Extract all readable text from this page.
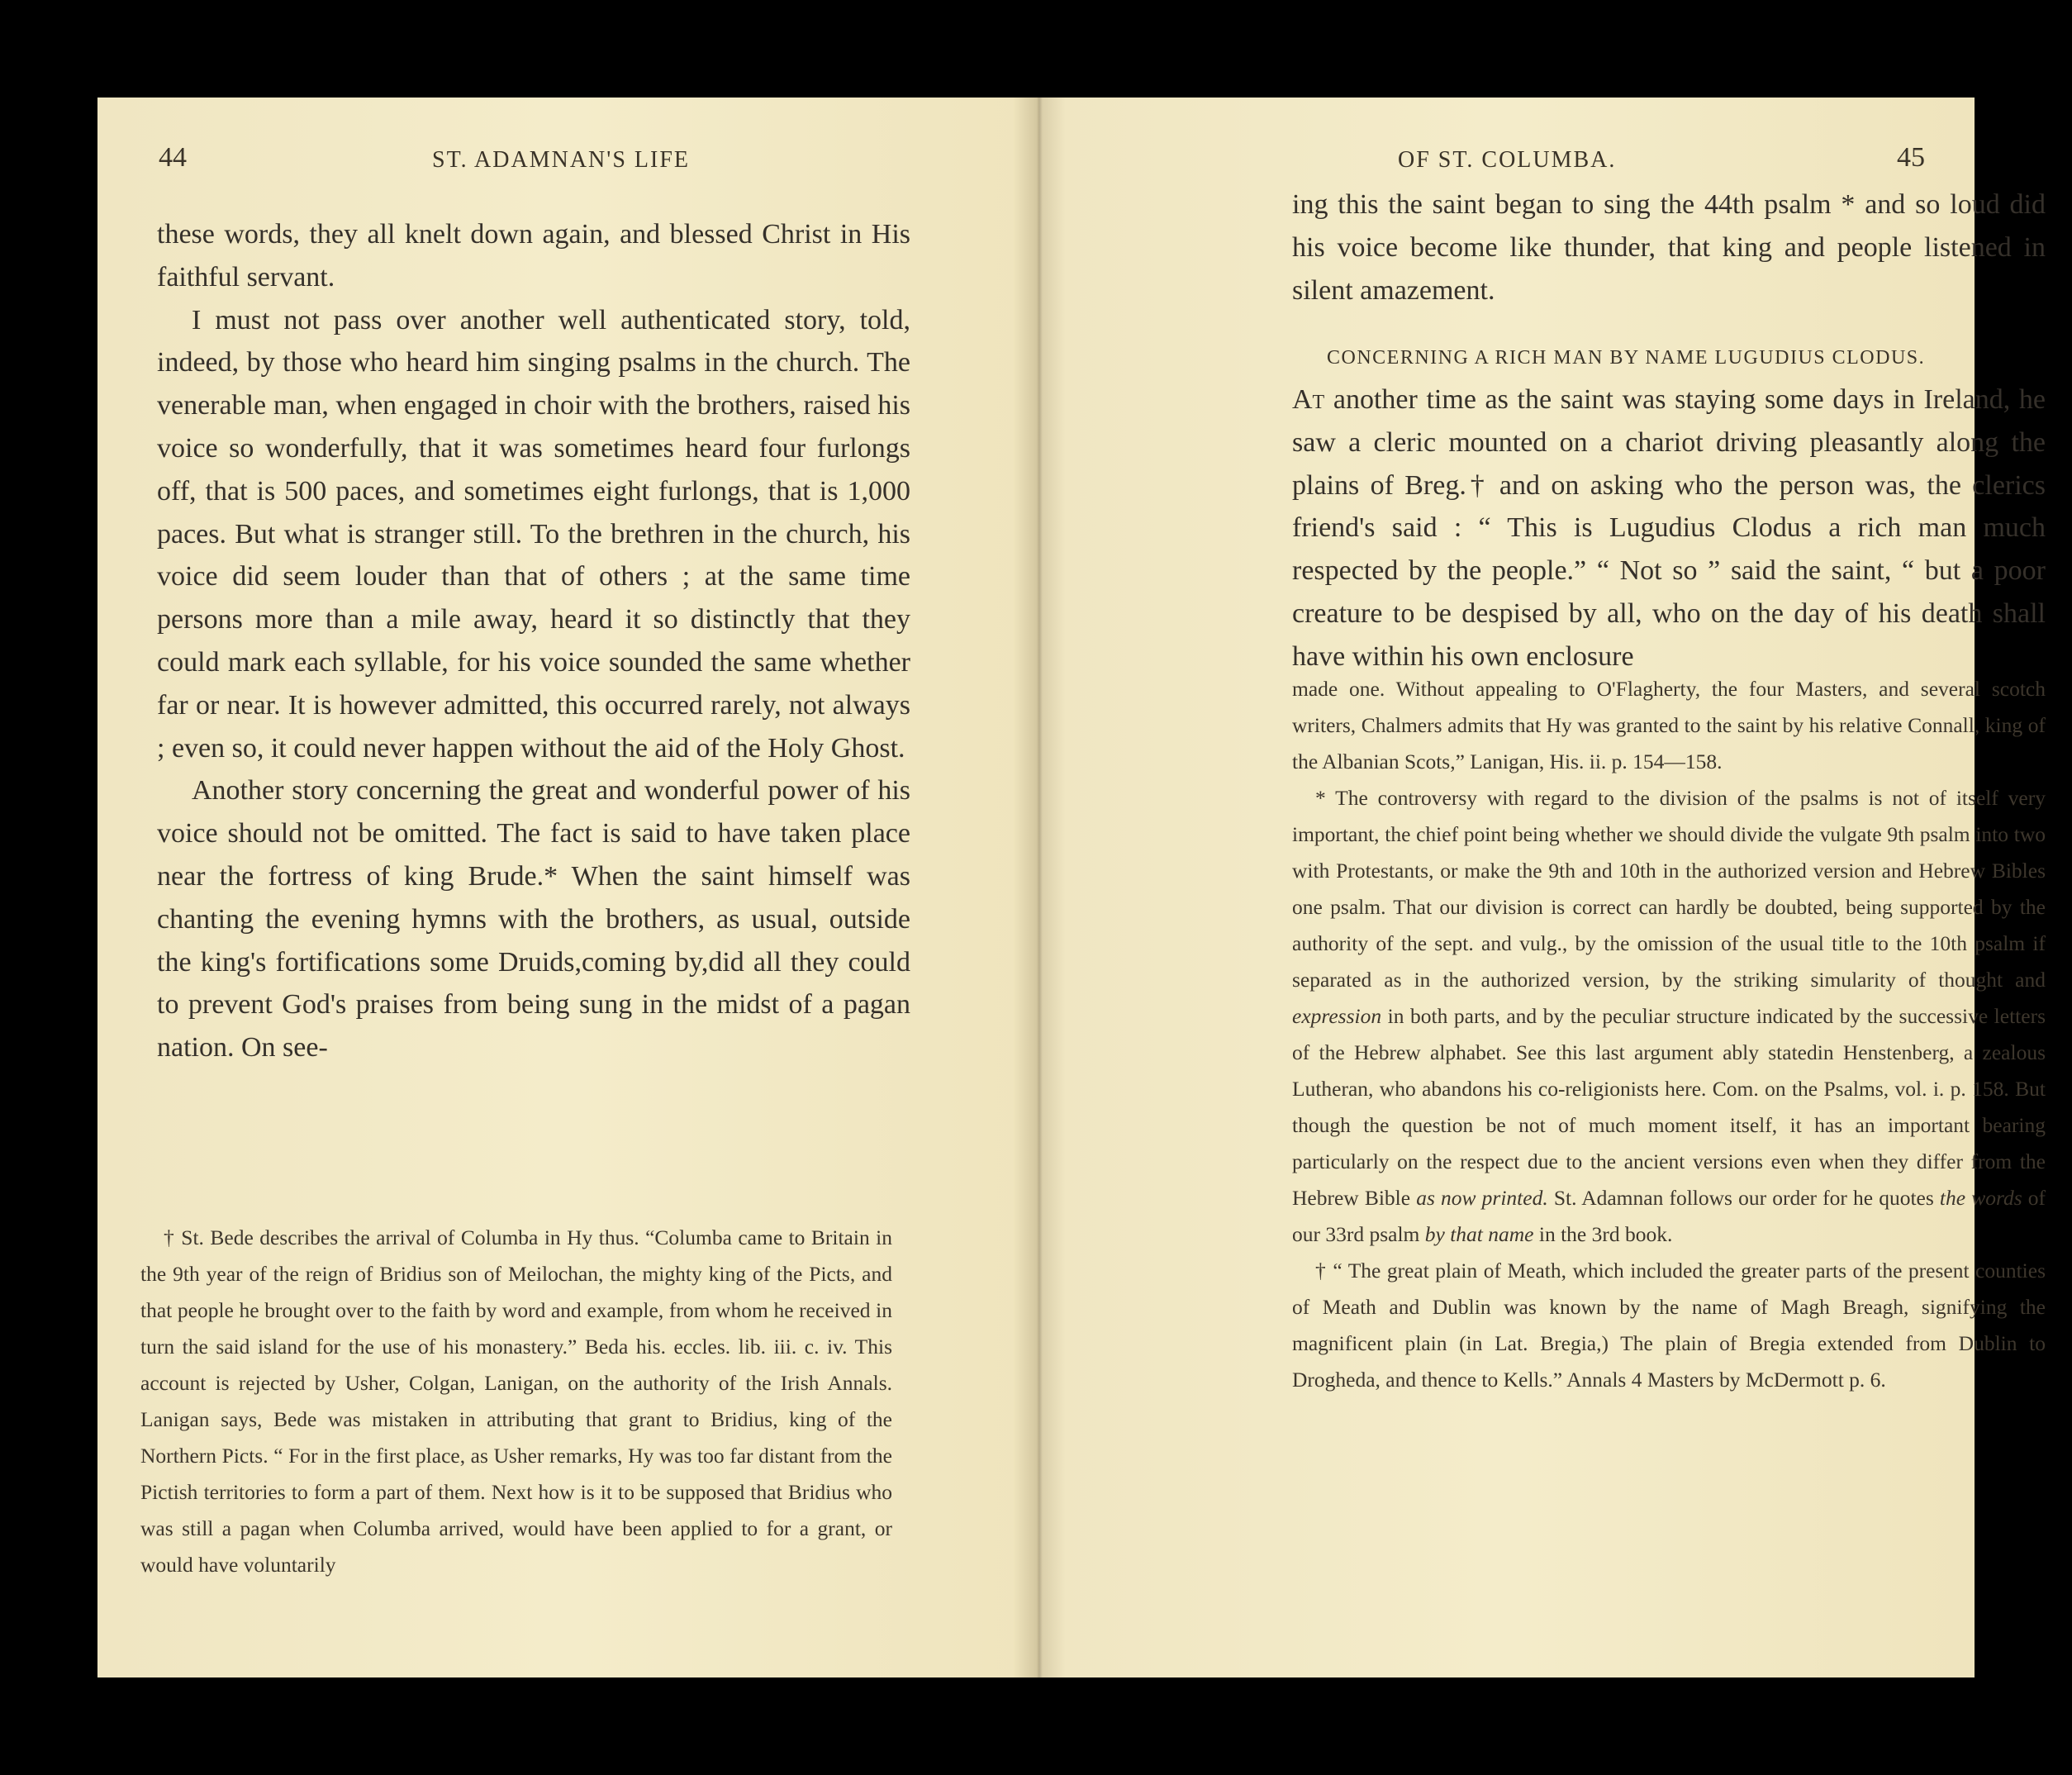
44	ST. ADAMNAN'S LIFE

these words, they all knelt down again, and blessed Christ in His faithful servant.

I must not pass over another well authenticated story, told, indeed, by those who heard him singing psalms in the church. The venerable man, when engaged in choir with the brothers, raised his voice so wonderfully, that it was sometimes heard four furlongs off, that is 500 paces, and sometimes eight furlongs, that is 1,000 paces. But what is stranger still. To the brethren in the church, his voice did seem louder than that of others ; at the same time persons more than a mile away, heard it so distinctly that they could mark each syllable, for his voice sounded the same whether far or near. It is however admitted, this occurred rarely, not always ; even so, it could never happen without the aid of the Holy Ghost.

Another story concerning the great and wonderful power of his voice should not be omitted. The fact is said to have taken place near the fortress of king Brude.* When the saint himself was chanting the evening hymns with the brothers, as usual, outside the king's fortifications some Druids,coming by,did all they could to prevent God's praises from being sung in the midst of a pagan nation. On see-

† St. Bede describes the arrival of Columba in Hy thus. “Columba came to Britain in the 9th year of the reign of Bridius son of Meilochan, the mighty king of the Picts, and that people he brought over to the faith by word and example, from whom he received in turn the said island for the use of his monastery.” Beda his. eccles. lib. iii. c. iv. This account is rejected by Usher, Colgan, Lanigan, on the authority of the Irish Annals. Lanigan says, Bede was mistaken in attributing that grant to Bridius, king of the Northern Picts. “ For in the first place, as Usher remarks, Hy was too far distant from the Pictish territories to form a part of them. Next how is it to be supposed that Bridius who was still a pagan when Columba arrived, would have been applied to for a grant, or would have voluntarily

OF ST. COLUMBA.	45

ing this the saint began to sing the 44th psalm * and so loud did his voice become like thunder, that king and people listened in silent amazement.

CONCERNING A RICH MAN BY NAME LUGUDIUS CLODUS.

At another time as the saint was staying some days in Ireland, he saw a cleric mounted on a chariot driving pleasantly along the plains of Breg.† and on asking who the person was, the clerics friend's said : “ This is Lugudius Clodus a rich man much respected by the people.” “ Not so ” said the saint, “ but a poor creature to be despised by all, who on the day of his death shall have within his own enclosure

made one. Without appealing to O'Flagherty, the four Masters, and several scotch writers, Chalmers admits that Hy was granted to the saint by his relative Connall, king of the Albanian Scots,” Lanigan, His. ii. p. 154—158.

* The controversy with regard to the division of the psalms is not of itself very important, the chief point being whether we should divide the vulgate 9th psalm into two with Protestants, or make the 9th and 10th in the authorized version and Hebrew Bibles one psalm. That our division is correct can hardly be doubted, being supported by the authority of the sept. and vulg., by the omission of the usual title to the 10th psalm if separated as in the authorized version, by the striking simularity of thought and expression in both parts, and by the peculiar structure indicated by the successive letters of the Hebrew alphabet. See this last argument ably statedin Henstenberg, a zealous Lutheran, who abandons his co-religionists here. Com. on the Psalms, vol. i. p. 158. But though the question be not of much moment itself, it has an important bearing particularly on the respect due to the ancient versions even when they differ from the Hebrew Bible as now printed. St. Adamnan follows our order for he quotes the words of our 33rd psalm by that name in the 3rd book.

† “ The great plain of Meath, which included the greater parts of the present counties of Meath and Dublin was known by the name of Magh Breagh, signifying the magnificent plain (in Lat. Bregia,) The plain of Bregia extended from Dublin to Drogheda, and thence to Kells.” Annals 4 Masters by McDermott p. 6.
